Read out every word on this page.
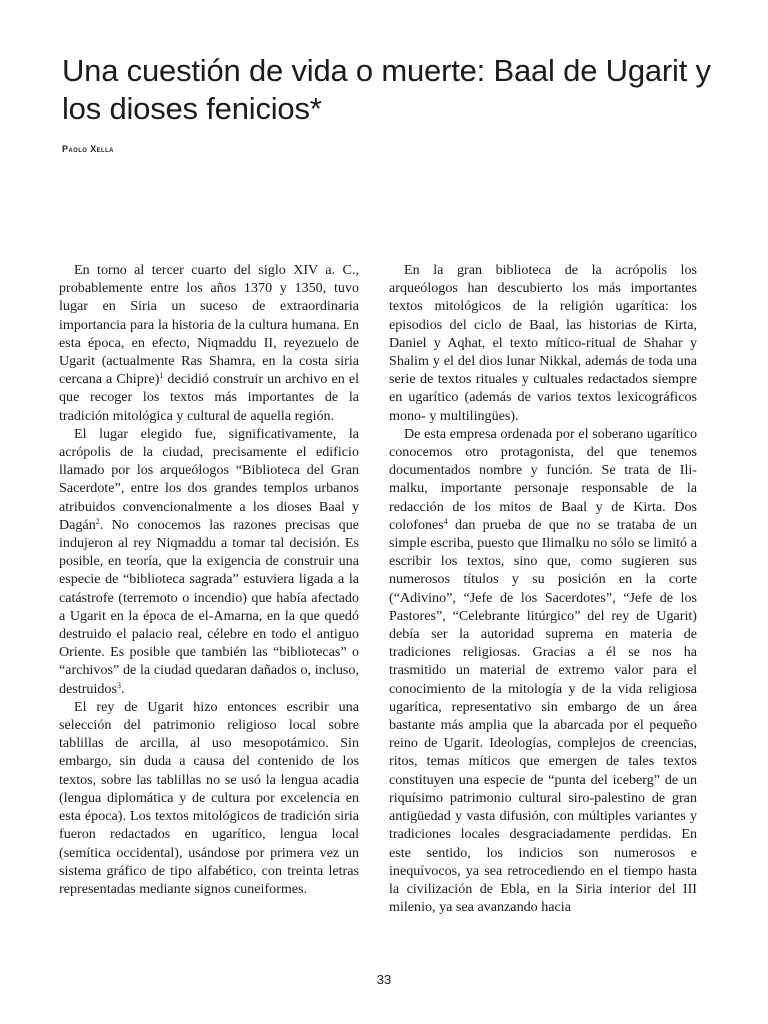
Una cuestión de vida o muerte: Baal de Ugarit y los dioses fenicios*
Paolo Xella

En torno al tercer cuarto del siglo XIV a. C., probablemente entre los años 1370 y 1350, tuvo lugar en Siria un suceso de extraordinaria importancia para la historia de la cultura humana. En esta época, en efecto, Niqmaddu II, reyezuelo de Ugarit (actualmente Ras Shamra, en la costa siria cercana a Chipre)$^1$ decidió construir un archivo en el que recoger los textos más importantes de la tradición mitológica y cultural de aquella región.

El lugar elegido fue, significativamente, la acrópolis de la ciudad, precisamente el edificio llamado por los arqueólogos “Biblioteca del Gran Sacerdote”, entre los dos grandes templos urbanos atribuidos convencionalmente a los dioses Baal y Dagán$^2$. No conocemos las razones precisas que indujeron al rey Niqmaddu a tomar tal decisión. Es posible, en teoría, que la exigencia de construir una especie de “biblioteca sagrada” estuviera ligada a la catástrofe (terremoto o incendio) que había afectado a Ugarit en la época de el-Amarna, en la que quedó destruido el palacio real, célebre en todo el antiguo Oriente. Es posible que también las “bibliotecas” o “archivos” de la ciudad quedaran dañados o, incluso, destruidos$^3$.

El rey de Ugarit hizo entonces escribir una selección del patrimonio religioso local sobre tablillas de arcilla, al uso mesopotámico. Sin embargo, sin duda a causa del contenido de los textos, sobre las tablillas no se usó la lengua acadia (lengua diplomática y de cultura por excelencia en esta época). Los textos mitológicos de tradición siria fueron redactados en ugarítico, lengua local (semítica occidental), usándose por primera vez un sistema gráfico de tipo alfabético, con treinta letras representadas mediante signos cuneiformes.

En la gran biblioteca de la acrópolis los arqueólogos han descubierto los más importantes textos mitológicos de la religión ugarítica: los episodios del ciclo de Baal, las historias de Kirta, Daniel y Aqhat, el texto mítico-ritual de Shahar y Shalim y el del dios lunar Nikkal, además de toda una serie de textos rituales y cultuales redactados siempre en ugarítico (además de varios textos lexicográficos mono- y multilingües).

De esta empresa ordenada por el soberano ugarítico conocemos otro protagonista, del que tenemos documentados nombre y función. Se trata de Ili-malku, importante personaje responsable de la redacción de los mitos de Baal y de Kirta. Dos colofones$^4$ dan prueba de que no se trataba de un simple escriba, puesto que Ilimalku no sólo se limitó a escribir los textos, sino que, como sugieren sus numerosos títulos y su posición en la corte (“Adivino”, “Jefe de los Sacerdotes”, “Jefe de los Pastores”, “Celebrante litúrgico” del rey de Ugarit) debía ser la autoridad suprema en materia de tradiciones religiosas. Gracias a él se nos ha trasmitido un material de extremo valor para el conocimiento de la mitología y de la vida religiosa ugarítica, representativo sin embargo de un área bastante más amplia que la abarcada por el pequeño reino de Ugarit. Ideologías, complejos de creencias, ritos, temas míticos que emergen de tales textos constituyen una especie de “punta del iceberg” de un riquísimo patrimonio cultural siro-palestino de gran antigüedad y vasta difusión, con múltiples variantes y tradiciones locales desgraciadamente perdidas. En este sentido, los indicios son numerosos e inequívocos, ya sea retrocediendo en el tiempo hasta la civilización de Ebla, en la Siria interior del III milenio, ya sea avanzando hacia

33
